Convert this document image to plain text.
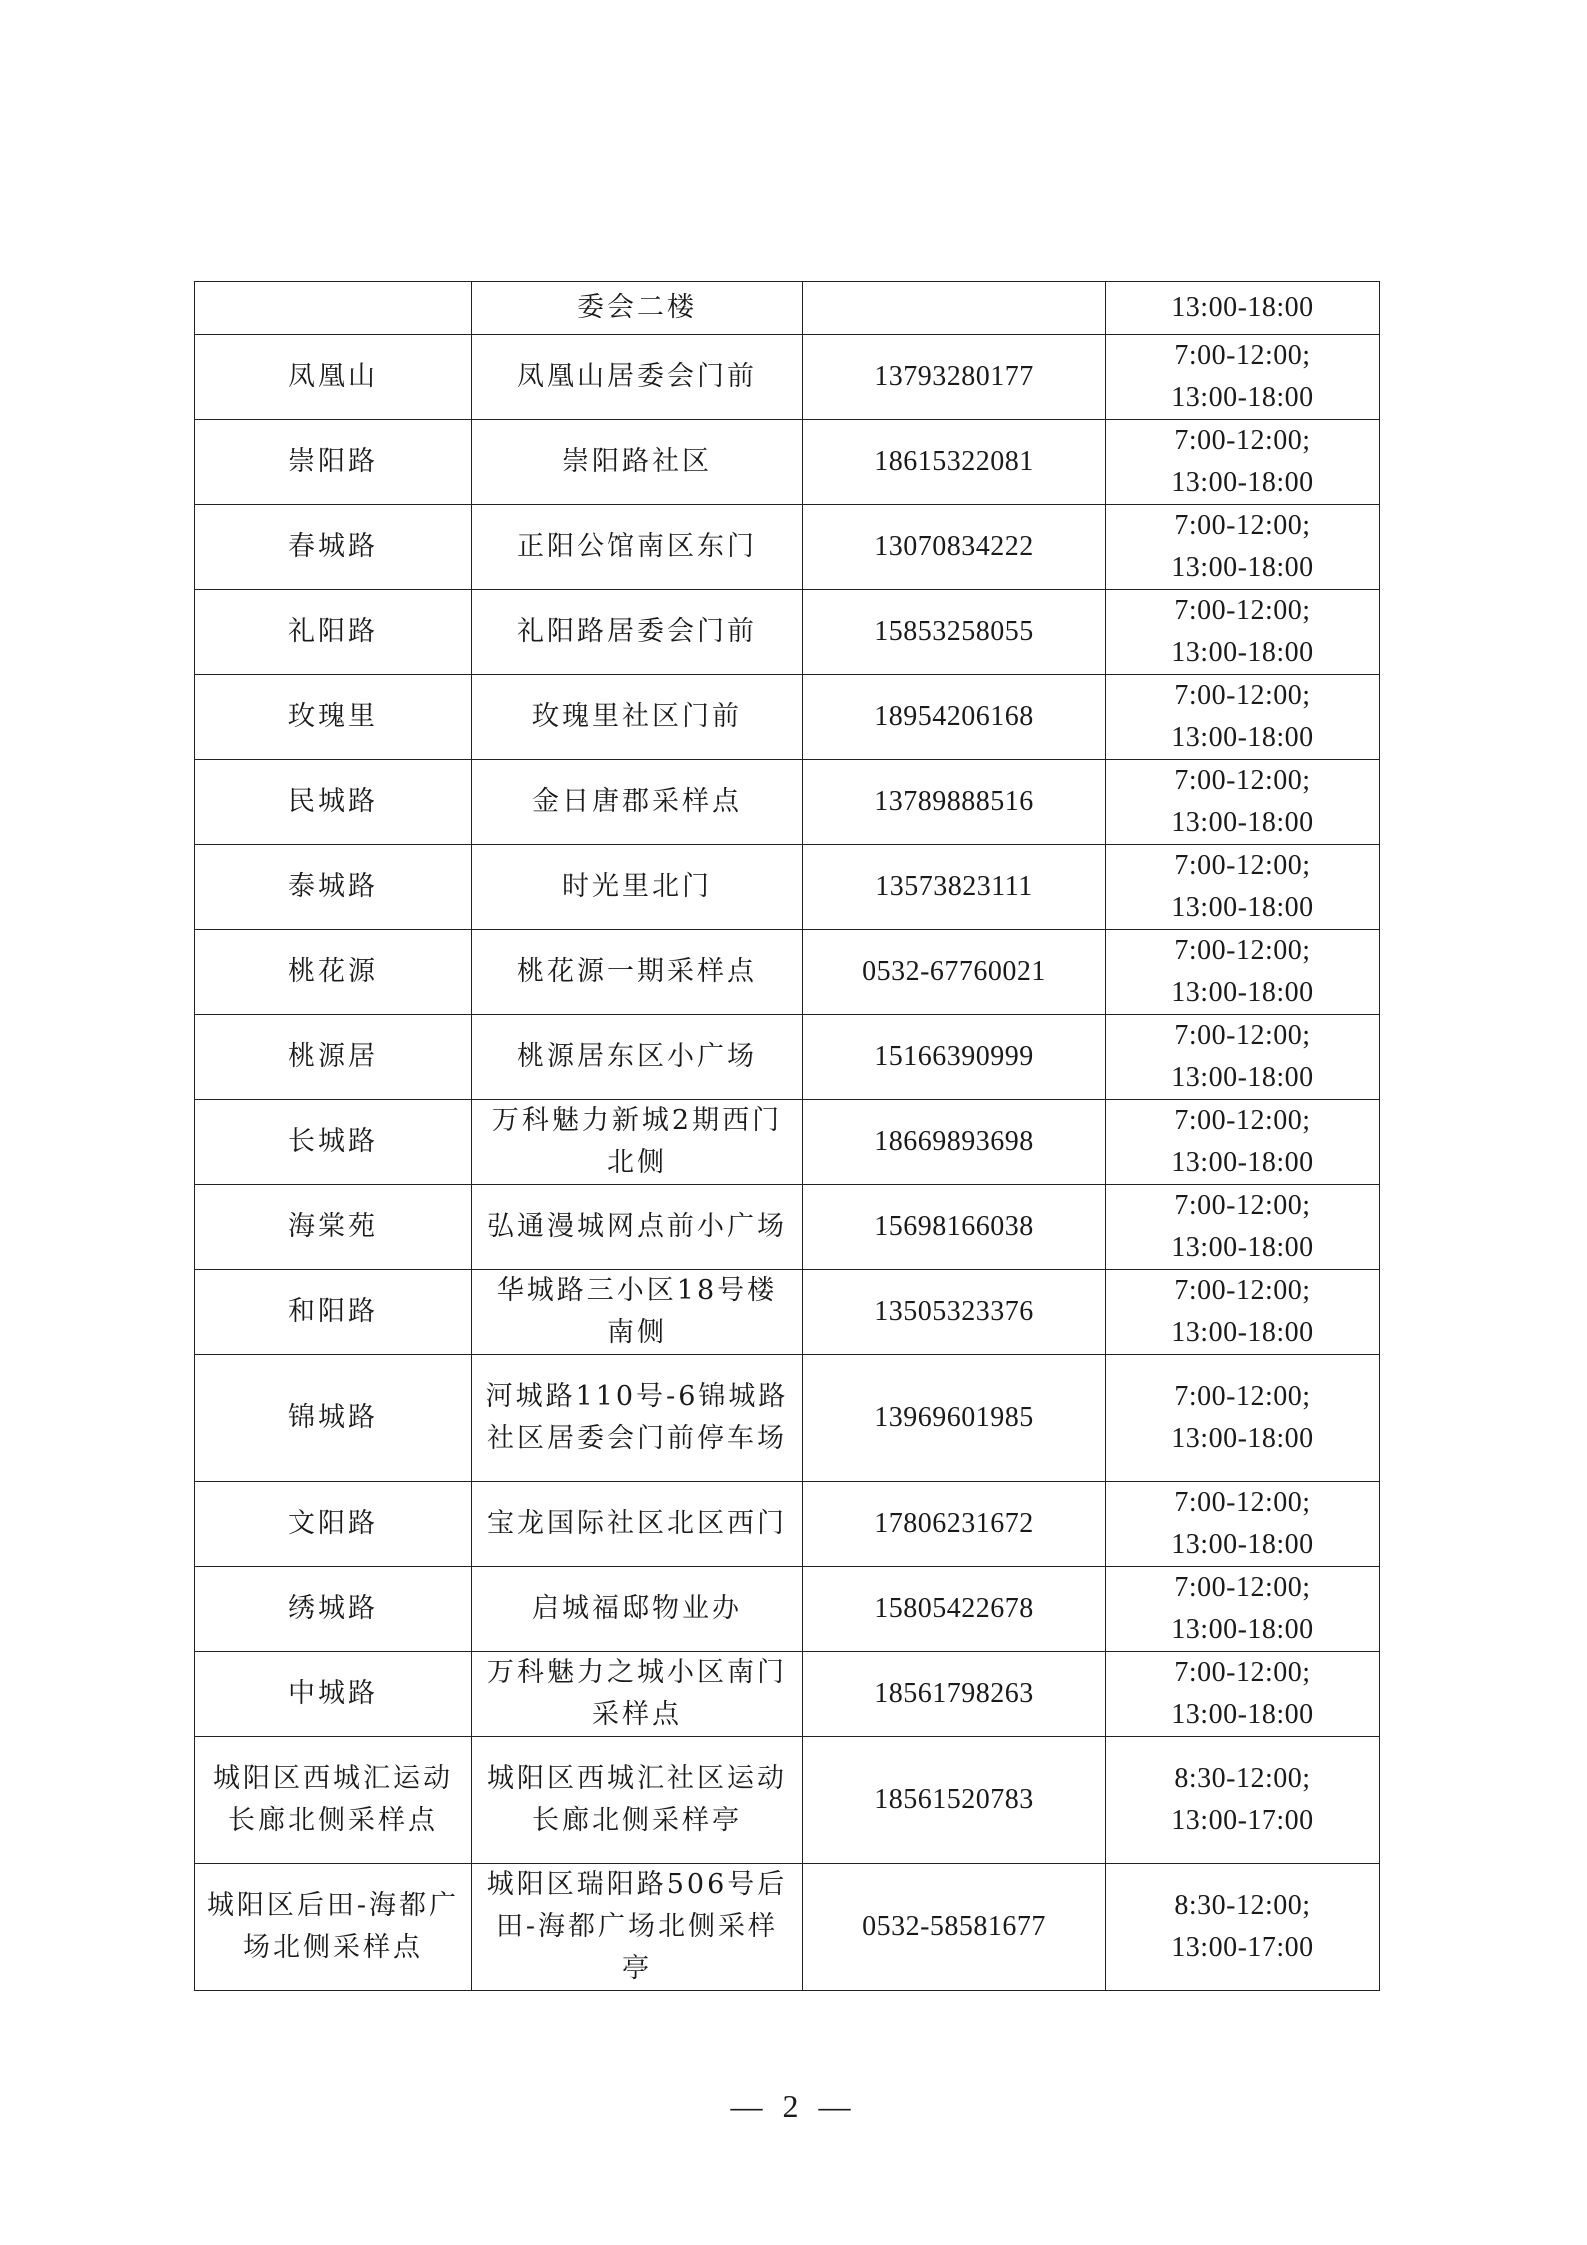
	委会二楼		13:00-18:00

凤凰山	凤凰山居委会门前	13793280177	7:00-12:00;
13:00-18:00

崇阳路	崇阳路社区	18615322081	7:00-12:00;
13:00-18:00

春城路	正阳公馆南区东门	13070834222	7:00-12:00;
13:00-18:00

礼阳路	礼阳路居委会门前	15853258055	7:00-12:00;
13:00-18:00

玫瑰里	玫瑰里社区门前	18954206168	7:00-12:00;
13:00-18:00

民城路	金日唐郡采样点	13789888516	7:00-12:00;
13:00-18:00

泰城路	时光里北门	13573823111	7:00-12:00;
13:00-18:00

桃花源	桃花源一期采样点	0532-67760021	7:00-12:00;
13:00-18:00

桃源居	桃源居东区小广场	15166390999	7:00-12:00;
13:00-18:00

长城路	万科魅力新城2期西门北侧	18669893698	7:00-12:00;
13:00-18:00

海棠苑	弘通漫城网点前小广场	15698166038	7:00-12:00;
13:00-18:00

和阳路	华城路三小区18号楼南侧	13505323376	7:00-12:00;
13:00-18:00

锦城路	河城路110号-6锦城路社区居委会门前停车场	13969601985	7:00-12:00;
13:00-18:00

文阳路	宝龙国际社区北区西门	17806231672	7:00-12:00;
13:00-18:00

绣城路	启城福邸物业办	15805422678	7:00-12:00;
13:00-18:00

中城路	万科魅力之城小区南门采样点	18561798263	7:00-12:00;
13:00-18:00

城阳区西城汇运动长廊北侧采样点	城阳区西城汇社区运动长廊北侧采样亭	18561520783	8:30-12:00;
13:00-17:00

城阳区后田-海都广场北侧采样点	城阳区瑞阳路506号后田-海都广场北侧采样亭	0532-58581677	8:30-12:00;
13:00-17:00
— 2 —
